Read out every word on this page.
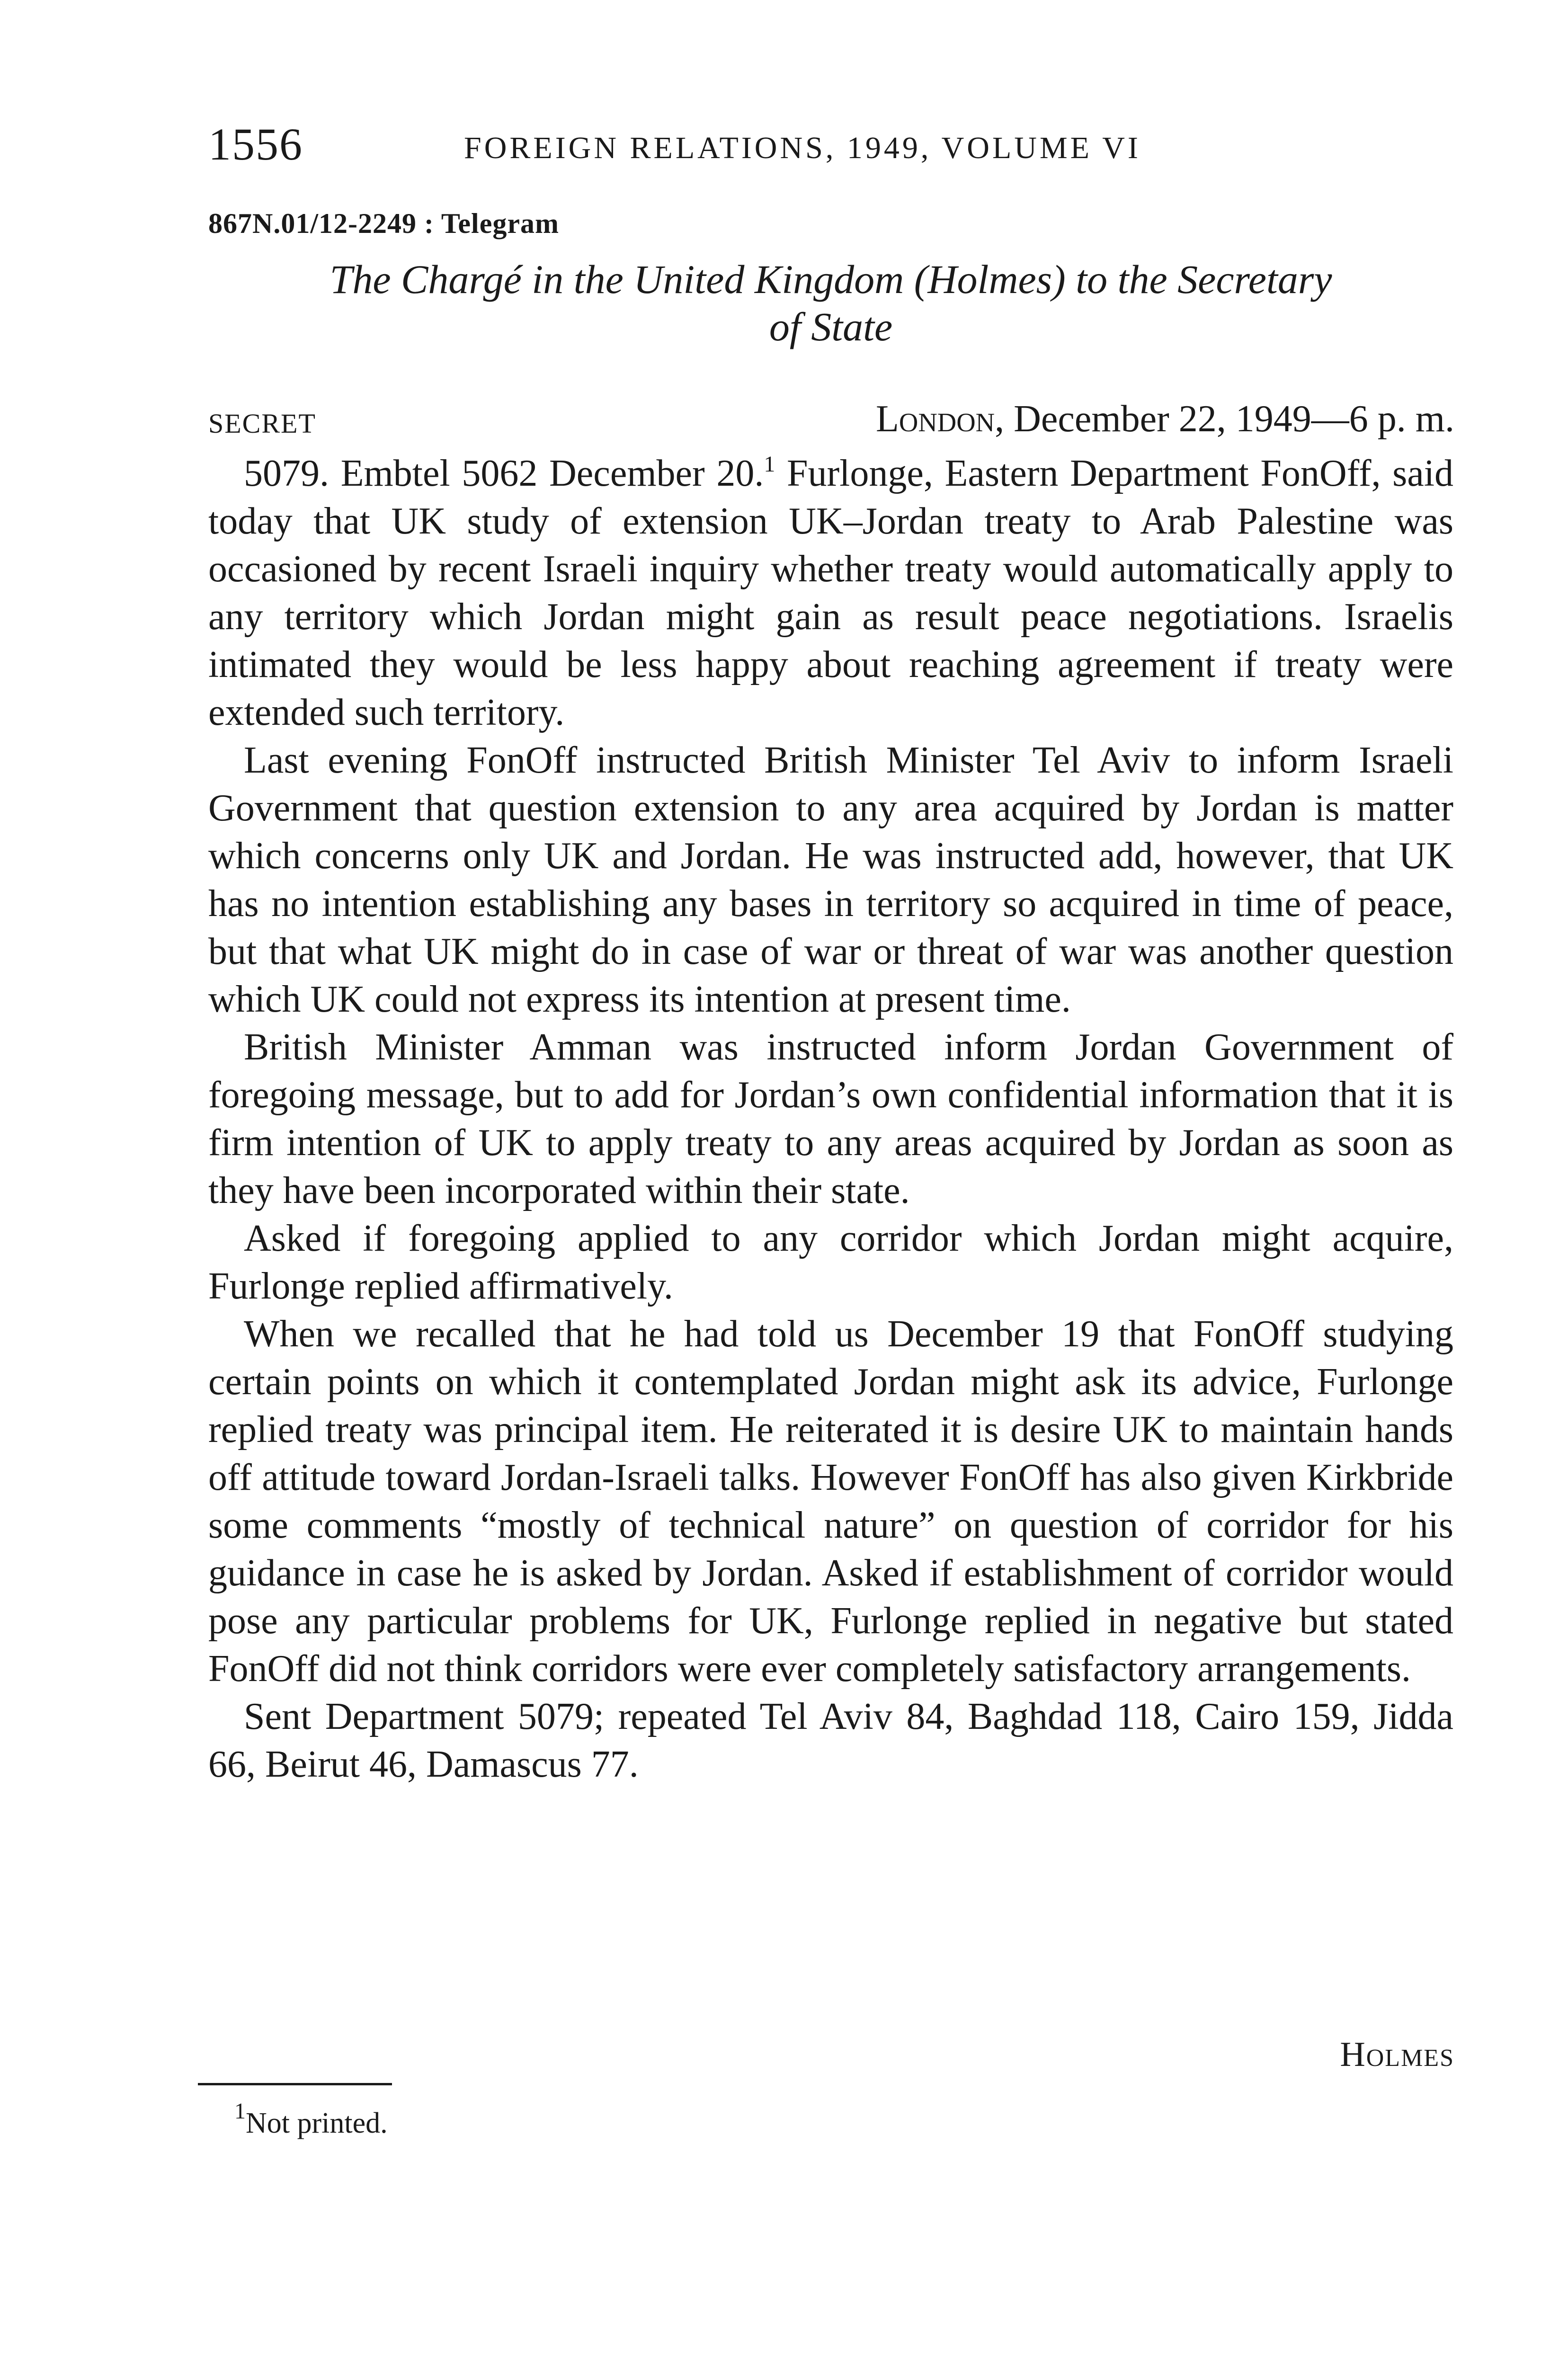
1556	FOREIGN RELATIONS, 1949, VOLUME VI
867N.01/12-2249 : Telegram
The Chargé in the United Kingdom (Holmes) to the Secretary
of State
SECRET	London, December 22, 1949—6 p. m.

5079. Embtel 5062 December 20.$^1$ Furlonge, Eastern Department FonOff, said today that UK study of extension UK–Jordan treaty to Arab Palestine was occasioned by recent Israeli inquiry whether treaty would automatically apply to any territory which Jordan might gain as result peace negotiations. Israelis intimated they would be less happy about reaching agreement if treaty were extended such territory.

Last evening FonOff instructed British Minister Tel Aviv to inform Israeli Government that question extension to any area acquired by Jordan is matter which concerns only UK and Jordan. He was instructed add, however, that UK has no intention establishing any bases in territory so acquired in time of peace, but that what UK might do in case of war or threat of war was another question which UK could not express its intention at present time.

British Minister Amman was instructed inform Jordan Government of foregoing message, but to add for Jordan’s own confidential information that it is firm intention of UK to apply treaty to any areas acquired by Jordan as soon as they have been incorporated within their state.

Asked if foregoing applied to any corridor which Jordan might acquire, Furlonge replied affirmatively.

When we recalled that he had told us December 19 that FonOff studying certain points on which it contemplated Jordan might ask its advice, Furlonge replied treaty was principal item. He reiterated it is desire UK to maintain hands off attitude toward Jordan-Israeli talks. However FonOff has also given Kirkbride some comments “mostly of technical nature” on question of corridor for his guidance in case he is asked by Jordan. Asked if establishment of corridor would pose any particular problems for UK, Furlonge replied in negative but stated FonOff did not think corridors were ever completely satisfactory arrangements.

Sent Department 5079; repeated Tel Aviv 84, Baghdad 118, Cairo 159, Jidda 66, Beirut 46, Damascus 77.

Holmes
$^1$Not printed.
